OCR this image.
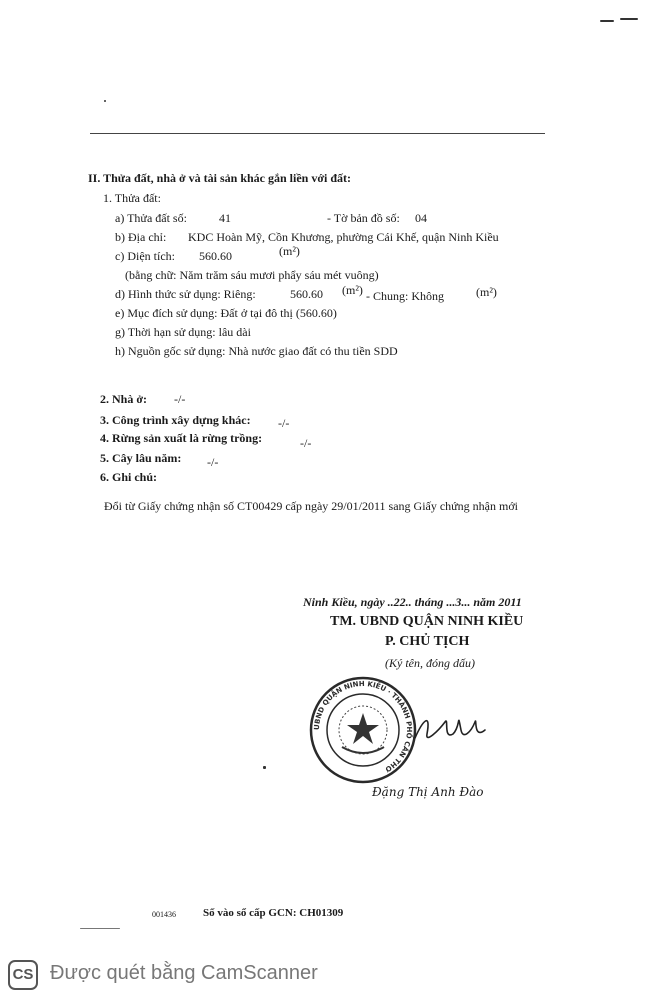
II. Thửa đất, nhà ở và tài sản khác gắn liền với đất:
1. Thửa đất:
a) Thửa đất số:	41	- Tờ bản đồ số: 04
b) Địa chỉ: KDC Hoàn Mỹ, Cồn Khương, phường Cái Khế, quận Ninh Kiều
c) Diện tích: 560.60	(m²)
(bằng chữ: Năm trăm sáu mươi phẩy sáu mét vuông)
d) Hình thức sử dụng: Riêng:	560.60 (m²) - Chung: Không	(m²)
e) Mục đích sử dụng: Đất ở tại đô thị (560.60)
g) Thời hạn sử dụng: lâu dài
h) Nguồn gốc sử dụng: Nhà nước giao đất có thu tiền SDD
2. Nhà ở: -/-
3. Công trình xây dựng khác: -/-
4. Rừng sản xuất là rừng trồng:	-/-
5. Cây lâu năm: -/-
6. Ghi chú:
Đổi từ Giấy chứng nhận số CT00429 cấp ngày 29/01/2011 sang Giấy chứng nhận mới
Ninh Kiều, ngày ..22.. tháng ...3... năm 2011
TM. UBND QUẬN NINH KIỀU
P. CHỦ TỊCH
(Ký tên, đóng dấu)
UBND QUẬN NINH KIỀU · THÀNH PHỐ CẦN THƠ
Đặng Thị Anh Đào
001436 Số vào sổ cấp GCN: CH01309
CS Được quét bằng CamScanner
